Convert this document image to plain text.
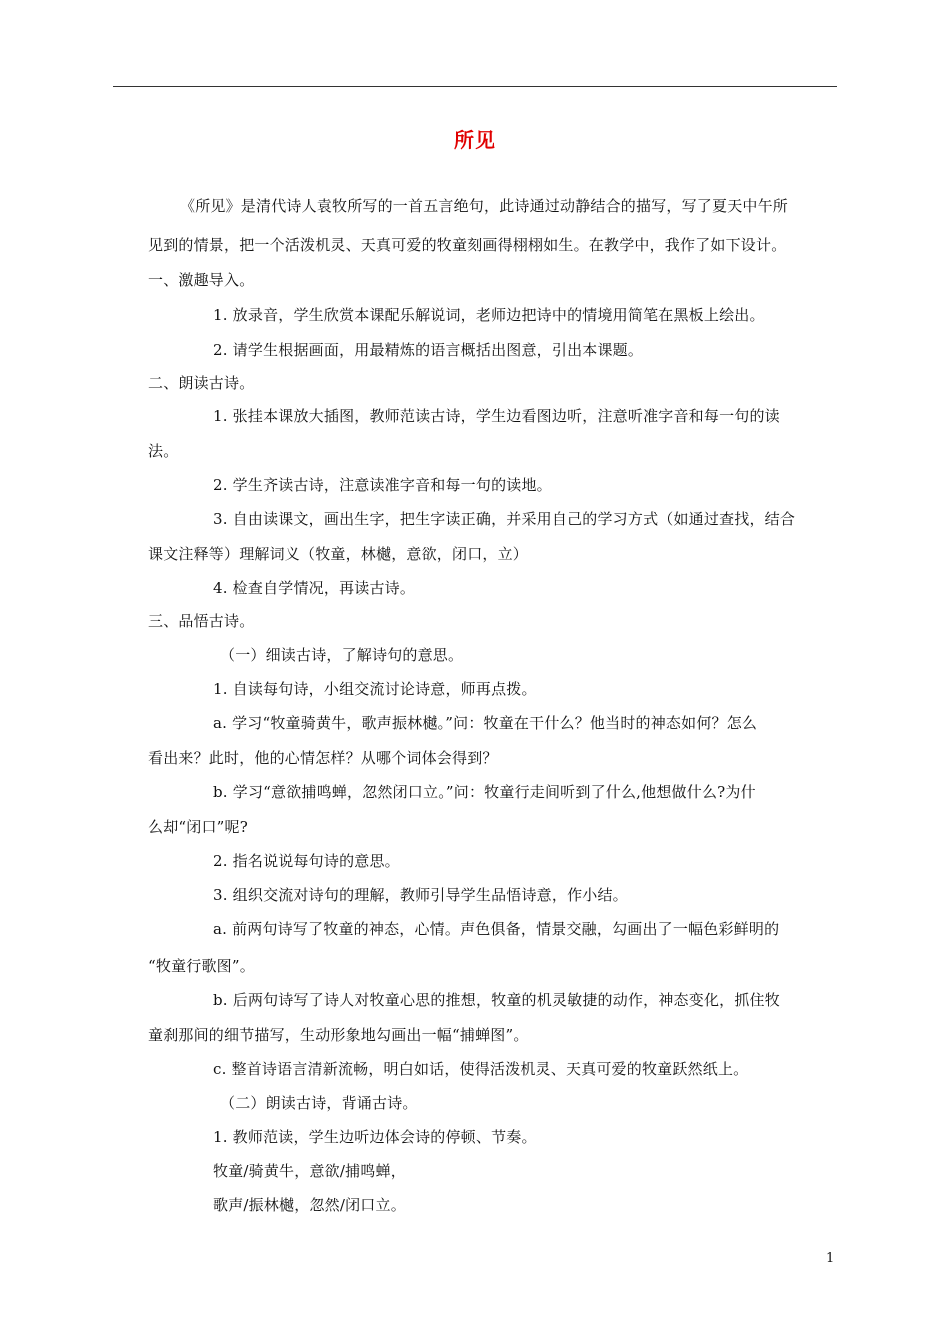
所见
《所见》是清代诗人袁牧所写的一首五言绝句，此诗通过动静结合的描写，写了夏天中午所
见到的情景，把一个活泼机灵、天真可爱的牧童刻画得栩栩如生。在教学中，我作了如下设计。
一、激趣导入。
1. 放录音，学生欣赏本课配乐解说词，老师边把诗中的情境用简笔在黑板上绘出。
2. 请学生根据画面，用最精炼的语言概括出图意，引出本课题。
二、朗读古诗。
1. 张挂本课放大插图，教师范读古诗，学生边看图边听，注意听准字音和每一句的读
法。
2. 学生齐读古诗，注意读准字音和每一句的读地。
3. 自由读课文，画出生字，把生字读正确，并采用自己的学习方式（如通过查找，结合
课文注释等）理解词义（牧童，林樾，意欲，闭口，立）
4. 检查自学情况，再读古诗。
三、品悟古诗。
（一）细读古诗，了解诗句的意思。
1. 自读每句诗，小组交流讨论诗意，师再点拨。
a. 学习“牧童骑黄牛，歌声振林樾。”问：牧童在干什么？他当时的神态如何？怎么
看出来？此时，他的心情怎样？从哪个词体会得到？
b. 学习“意欲捕鸣蝉，忽然闭口立。”问：牧童行走间听到了什么,他想做什么?为什
么却“闭口”呢?
2. 指名说说每句诗的意思。
3. 组织交流对诗句的理解，教师引导学生品悟诗意，作小结。
a. 前两句诗写了牧童的神态，心情。声色俱备，情景交融，勾画出了一幅色彩鲜明的
“牧童行歌图”。
b. 后两句诗写了诗人对牧童心思的推想，牧童的机灵敏捷的动作，神态变化，抓住牧
童刹那间的细节描写，生动形象地勾画出一幅“捕蝉图”。
c. 整首诗语言清新流畅，明白如话，使得活泼机灵、天真可爱的牧童跃然纸上。
（二）朗读古诗，背诵古诗。
1. 教师范读，学生边听边体会诗的停顿、节奏。
牧童/骑黄牛，意欲/捕鸣蝉，
歌声/振林樾，忽然/闭口立。
1
